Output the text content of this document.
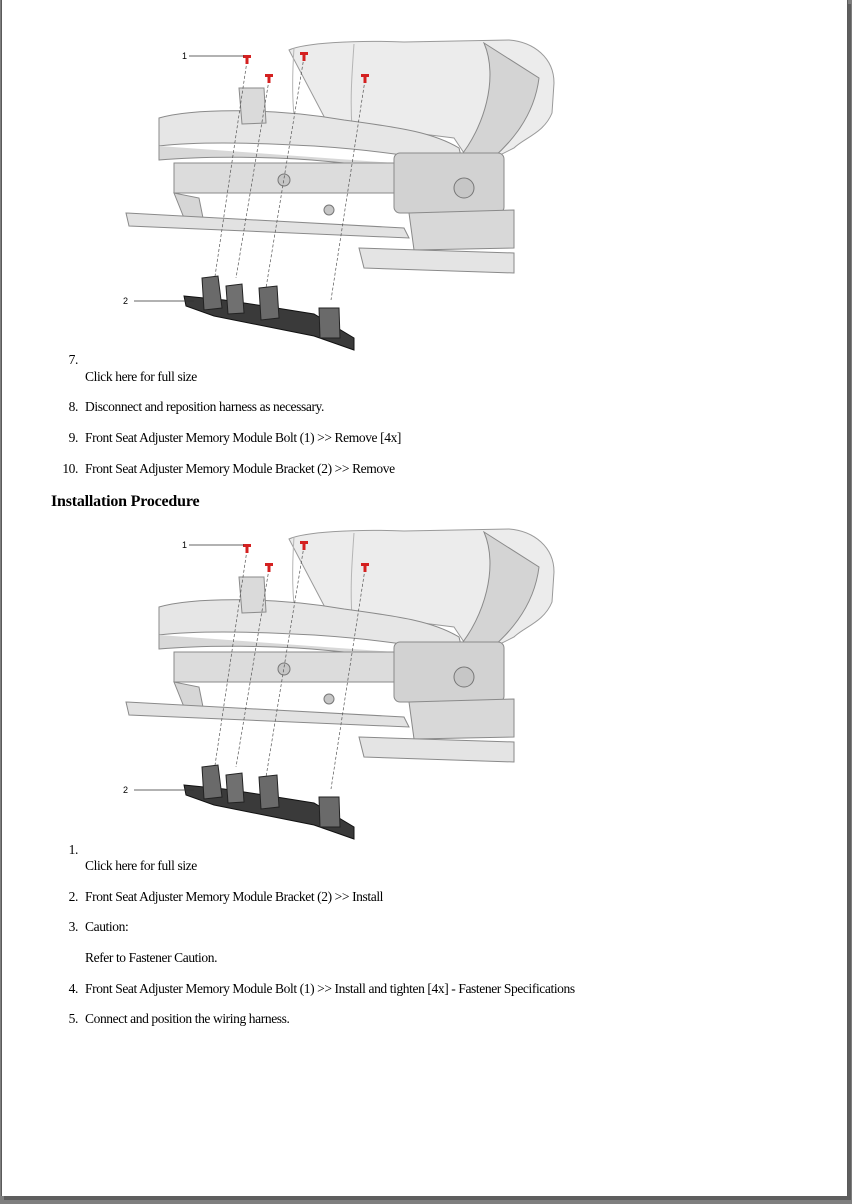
1
2
7.
Click here for full size
8. Disconnect and reposition harness as necessary.
9. Front Seat Adjuster Memory Module Bolt (1) >> Remove [4x]
10. Front Seat Adjuster Memory Module Bracket (2) >> Remove
Installation Procedure
1
2
1.
Click here for full size
2. Front Seat Adjuster Memory Module Bracket (2) >> Install
3. Caution:
Refer to Fastener Caution.
4. Front Seat Adjuster Memory Module Bolt (1) >> Install and tighten [4x] - Fastener Specifications
5. Connect and position the wiring harness.
